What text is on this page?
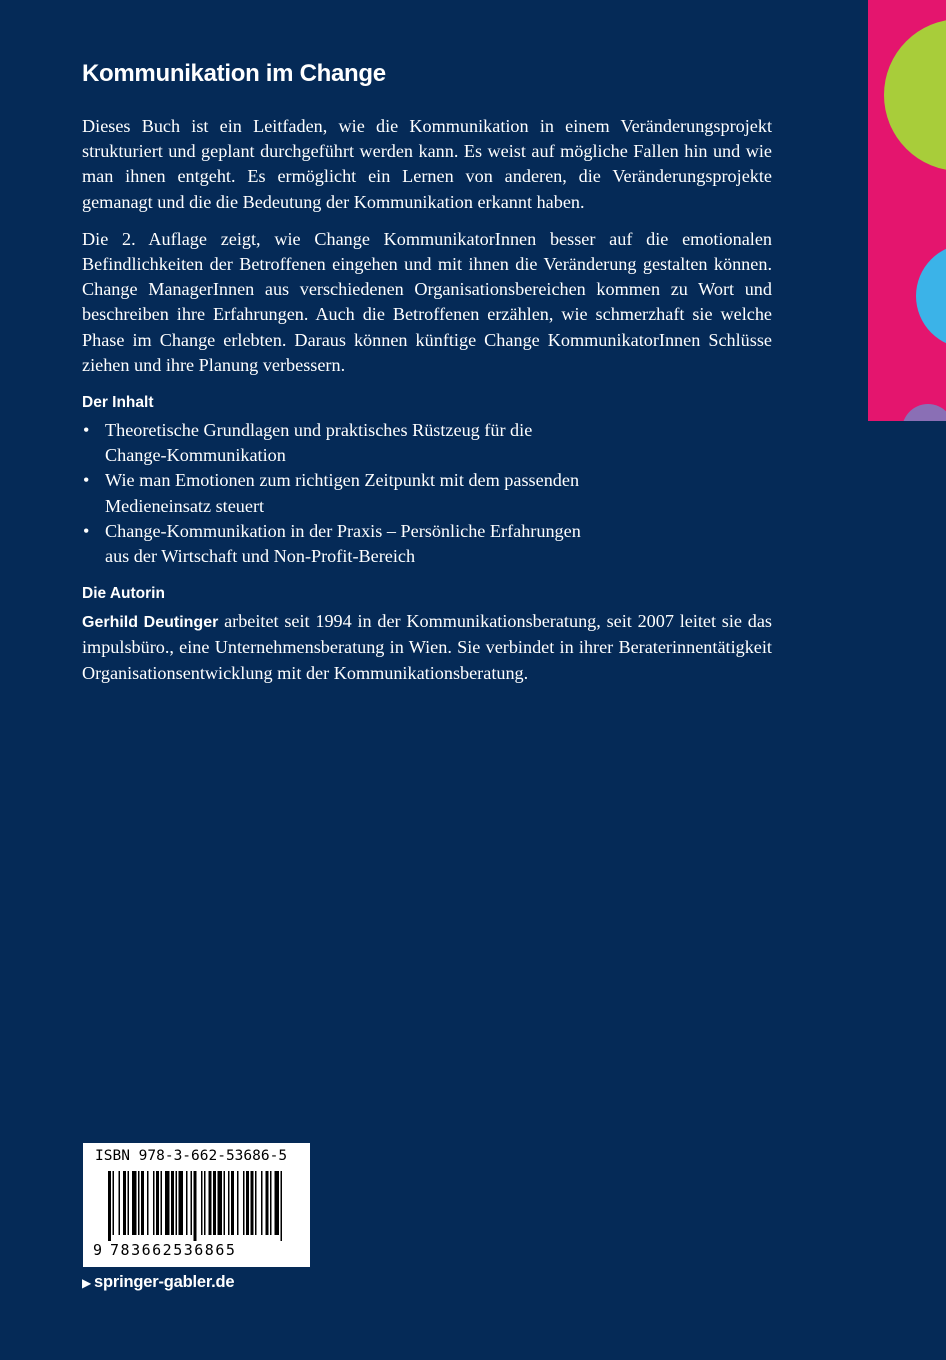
Kommunikation im Change

Dieses Buch ist ein Leitfaden, wie die Kommunikation in einem Veränderungsprojekt strukturiert und geplant durchgeführt werden kann. Es weist auf mögliche Fallen hin und wie man ihnen entgeht. Es ermöglicht ein Lernen von anderen, die Veränderungsprojekte gemanagt und die die Bedeutung der Kommunikation erkannt haben.

Die 2. Auflage zeigt, wie Change KommunikatorInnen besser auf die emotionalen Befindlichkeiten der Betroffenen eingehen und mit ihnen die Veränderung gestalten können. Change ManagerInnen aus verschiedenen Organisationsbereichen kommen zu Wort und beschreiben ihre Erfahrungen. Auch die Betroffenen erzählen, wie schmerzhaft sie welche Phase im Change erlebten. Daraus können künftige Change KommunikatorInnen Schlüsse ziehen und ihre Planung verbessern.

Der Inhalt
• Theoretische Grundlagen und praktisches Rüstzeug für die
Change-Kommunikation
• Wie man Emotionen zum richtigen Zeitpunkt mit dem passenden
Medieneinsatz steuert
• Change-Kommunikation in der Praxis – Persönliche Erfahrungen
aus der Wirtschaft und Non-Profit-Bereich
Die Autorin

Gerhild Deutinger arbeitet seit 1994 in der Kommunikationsberatung, seit 2007 leitet sie das impulsbüro., eine Unternehmensberatung in Wien. Sie verbindet in ihrer Beraterinnentätigkeit Organisationsentwicklung mit der Kommunikationsberatung.

ISBN 978-3-662-53686-5
9 783662536865
▶ springer-gabler.de
